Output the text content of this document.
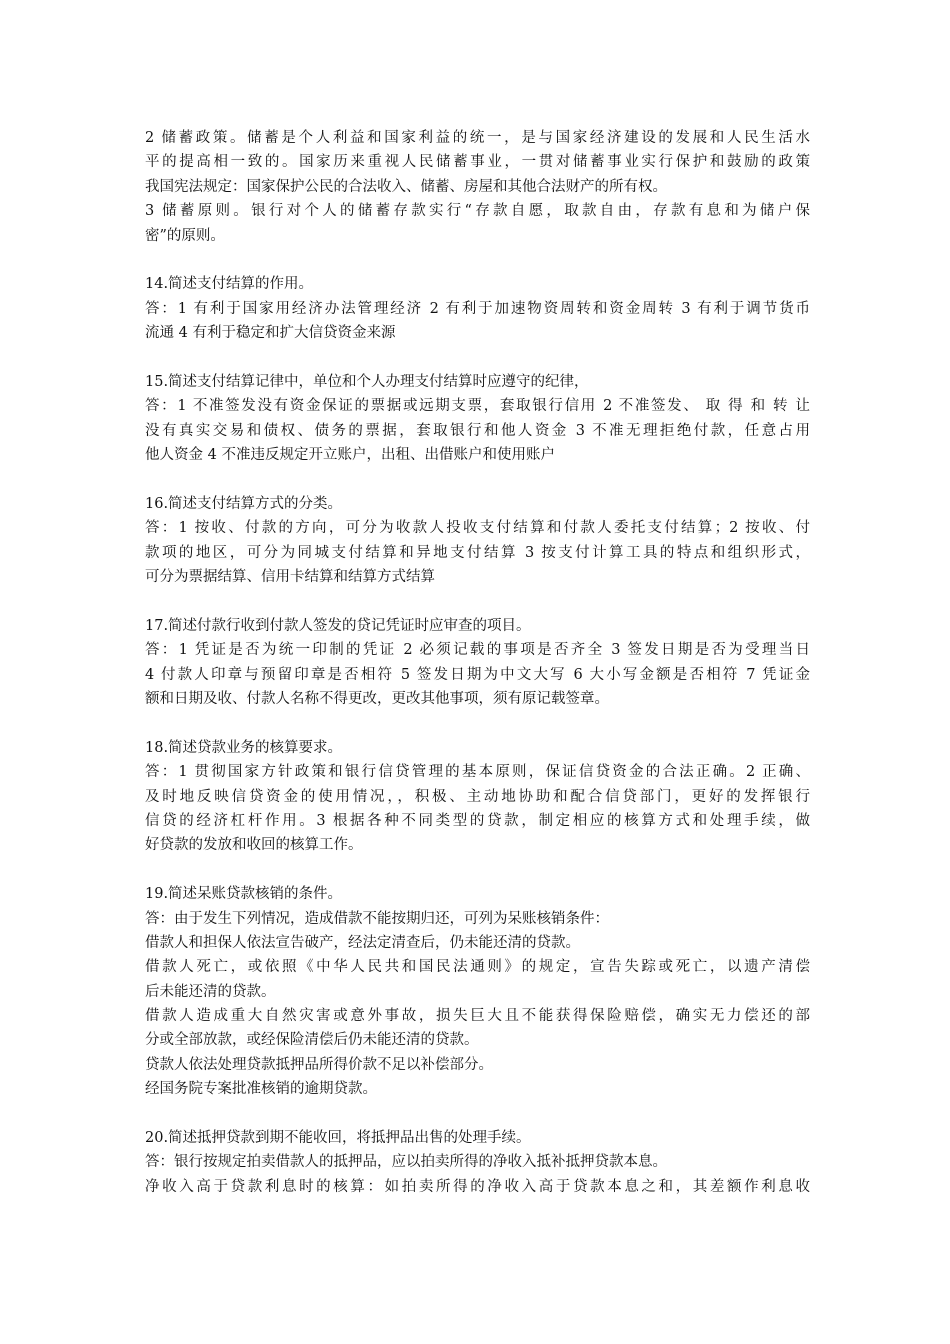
2 储蓄政策。储蓄是个人利益和国家利益的统一，是与国家经济建设的发展和人民生活水
平的提高相一致的。国家历来重视人民储蓄事业，一贯对储蓄事业实行保护和鼓励的政策
我国宪法规定：国家保护公民的合法收入、储蓄、房屋和其他合法财产的所有权。
3 储蓄原则。银行对个人的储蓄存款实行“存款自愿，取款自由，存款有息和为储户保
密”的原则。
14.简述支付结算的作用。
答：1 有利于国家用经济办法管理经济 2 有利于加速物资周转和资金周转 3 有利于调节货币
流通 4 有利于稳定和扩大信贷资金来源
15.简述支付结算记律中，单位和个人办理支付结算时应遵守的纪律，
答：1 不准签发没有资金保证的票据或远期支票，套取银行信用 2 不准签发、 取 得 和 转 让
没有真实交易和债权、债务的票据，套取银行和他人资金 3 不准无理拒绝付款，任意占用
他人资金 4 不准违反规定开立账户，出租、出借账户和使用账户
16.简述支付结算方式的分类。
答：1 按收、付款的方向，可分为收款人投收支付结算和付款人委托支付结算；2 按收、付
款项的地区，可分为同城支付结算和异地支付结算 3 按支付计算工具的特点和组织形式，
可分为票据结算、信用卡结算和结算方式结算
17.简述付款行收到付款人签发的贷记凭证时应审查的项目。
答：1 凭证是否为统一印制的凭证 2 必须记载的事项是否齐全 3 签发日期是否为受理当日
4 付款人印章与预留印章是否相符 5 签发日期为中文大写 6 大小写金额是否相符 7 凭证金
额和日期及收、付款人名称不得更改，更改其他事项，须有原记载签章。
18.简述贷款业务的核算要求。
答：1 贯彻国家方针政策和银行信贷管理的基本原则，保证信贷资金的合法正确。2 正确、
及时地反映信贷资金的使用情况，，积极、主动地协助和配合信贷部门，更好的发挥银行
信贷的经济杠杆作用。3 根据各种不同类型的贷款，制定相应的核算方式和处理手续，做
好贷款的发放和收回的核算工作。
19.简述呆账贷款核销的条件。
答：由于发生下列情况，造成借款不能按期归还，可列为呆账核销条件：
借款人和担保人依法宣告破产，经法定清查后，仍未能还清的贷款。
借款人死亡，或依照《中华人民共和国民法通则》的规定，宣告失踪或死亡，以遗产清偿
后未能还清的贷款。
借款人造成重大自然灾害或意外事故，损失巨大且不能获得保险赔偿，确实无力偿还的部
分或全部放款，或经保险清偿后仍未能还清的贷款。
贷款人依法处理贷款抵押品所得价款不足以补偿部分。
经国务院专案批准核销的逾期贷款。
20.简述抵押贷款到期不能收回，将抵押品出售的处理手续。
答：银行按规定拍卖借款人的抵押品，应以拍卖所得的净收入抵补抵押贷款本息。
净收入高于贷款利息时的核算：如拍卖所得的净收入高于贷款本息之和，其差额作利息收
